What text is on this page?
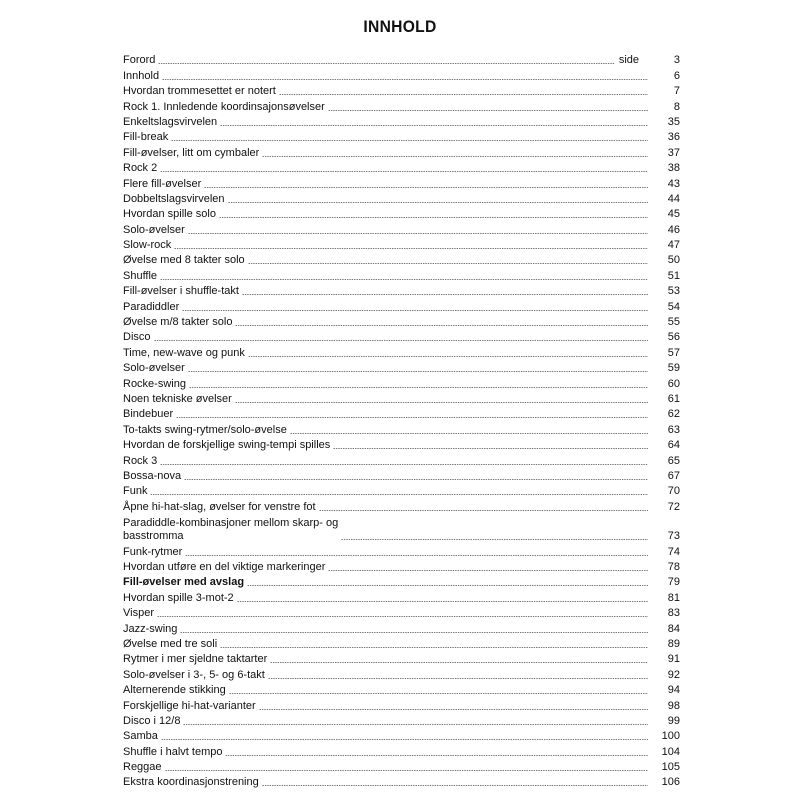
INNHOLD
Forord	side	3
Innhold	6
Hvordan trommesettet er notert	7
Rock 1. Innledende koordinsajonsøvelser	8
Enkeltslagsvirvelen	35
Fill-break	36
Fill-øvelser, litt om cymbaler	37
Rock 2	38
Flere fill-øvelser	43
Dobbeltslagsvirvelen	44
Hvordan spille solo	45
Solo-øvelser	46
Slow-rock	47
Øvelse med 8 takter solo	50
Shuffle	51
Fill-øvelser i shuffle-takt	53
Paradiddler	54
Øvelse m/8 takter solo	55
Disco	56
Time, new-wave og punk	57
Solo-øvelser	59
Rocke-swing	60
Noen tekniske øvelser	61
Bindebuer	62
To-takts swing-rytmer/solo-øvelse	63
Hvordan de forskjellige swing-tempi spilles	64
Rock 3	65
Bossa-nova	67
Funk	70
Åpne hi-hat-slag, øvelser for venstre fot	72
Paradiddle-kombinasjoner mellom skarp- og
basstromma	73
Funk-rytmer	74
Hvordan utføre en del viktige markeringer	78
Fill-øvelser med avslag	79
Hvordan spille 3-mot-2	81
Visper	83
Jazz-swing	84
Øvelse med tre soli	89
Rytmer i mer sjeldne taktarter	91
Solo-øvelser i 3-, 5- og 6-takt	92
Alternerende stikking	94
Forskjellige hi-hat-varianter	98
Disco i 12/8	99
Samba	100
Shuffle i halvt tempo	104
Reggae	105
Ekstra koordinasjonstrening	106
